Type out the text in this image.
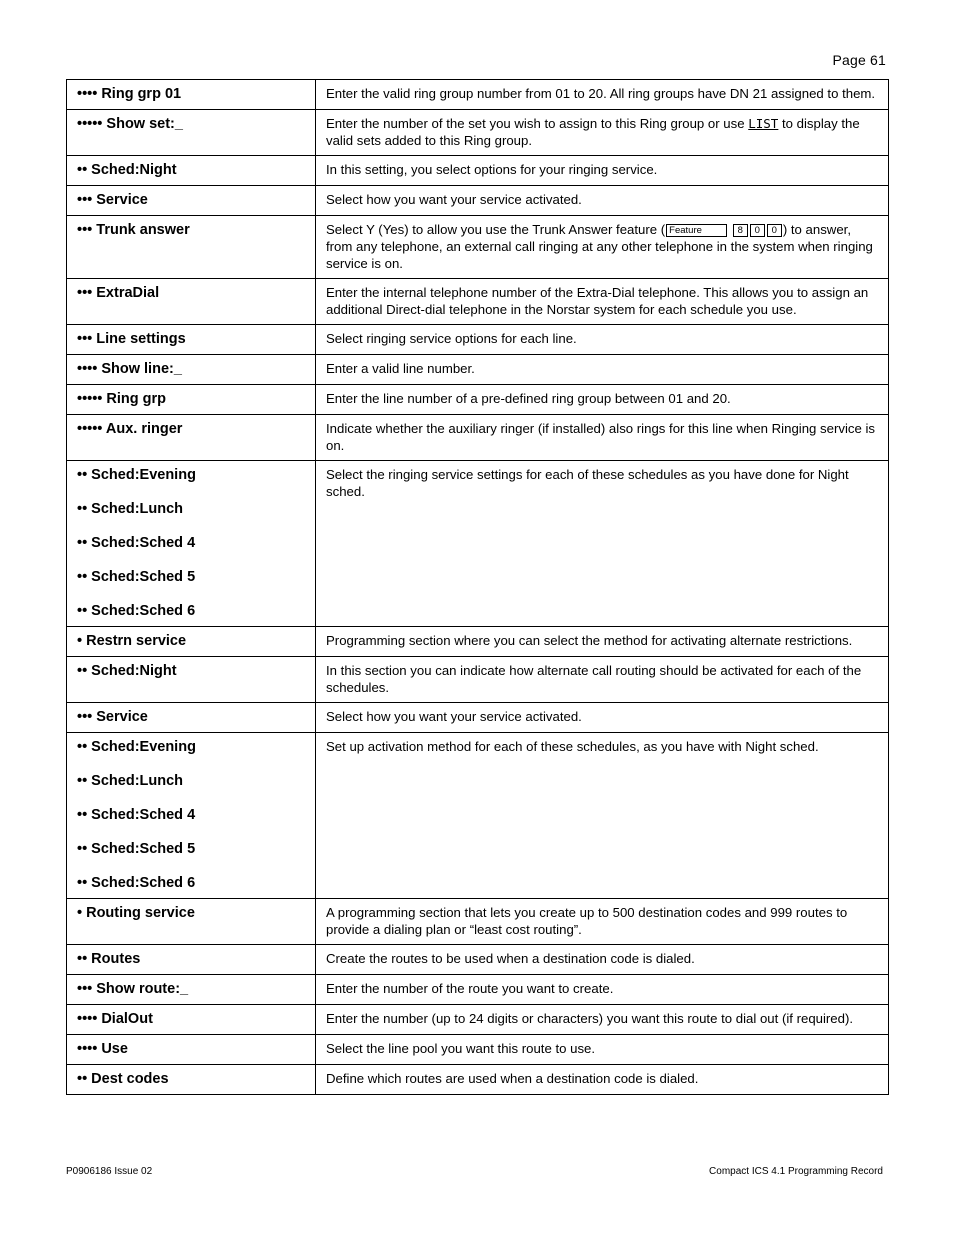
Page 61
•••• Ring grp 01	Enter the valid ring group number from 01 to 20. All ring groups have DN 21 assigned to them.

••••• Show set:_	Enter the number of the set you wish to assign to this Ring group or use LIST to display the valid sets added to this Ring group.

•• Sched:Night	In this setting, you select options for your ringing service.

••• Service	Select how you want your service activated.

••• Trunk answer	Select Y (Yes) to allow you use the Trunk Answer feature ( Feature 8 0 0 ) to answer, from any telephone, an external call ringing at any other telephone in the system when ringing service is on.

••• ExtraDial	Enter the internal telephone number of the Extra-Dial telephone. This allows you to assign an additional Direct-dial telephone in the Norstar system for each schedule you use.

••• Line settings	Select ringing service options for each line.

•••• Show line:_	Enter a valid line number.

••••• Ring grp	Enter the line number of a pre-defined ring group between 01 and 20.

••••• Aux. ringer	Indicate whether the auxiliary ringer (if installed) also rings for this line when Ringing service is on.

•• Sched:Evening
•• Sched:Lunch
•• Sched:Sched 4
•• Sched:Sched 5
•• Sched:Sched 6	Select the ringing service settings for each of these schedules as you have done for Night sched.

• Restrn service	Programming section where you can select the method for activating alternate restrictions.

•• Sched:Night	In this section you can indicate how alternate call routing should be activated for each of the schedules.

••• Service	Select how you want your service activated.

•• Sched:Evening
•• Sched:Lunch
•• Sched:Sched 4
•• Sched:Sched 5
•• Sched:Sched 6	Set up activation method for each of these schedules, as you have with Night sched.

• Routing service	A programming section that lets you create up to 500 destination codes and 999 routes to provide a dialing plan or “least cost routing”.

•• Routes	Create the routes to be used when a destination code is dialed.

••• Show route:_	Enter the number of the route you want to create.

•••• DialOut	Enter the number (up to 24 digits or characters) you want this route to dial out (if required).

•••• Use	Select the line pool you want this route to use.

•• Dest codes	Define which routes are used when a destination code is dialed.
P0906186 Issue 02	Compact ICS 4.1 Programming Record
